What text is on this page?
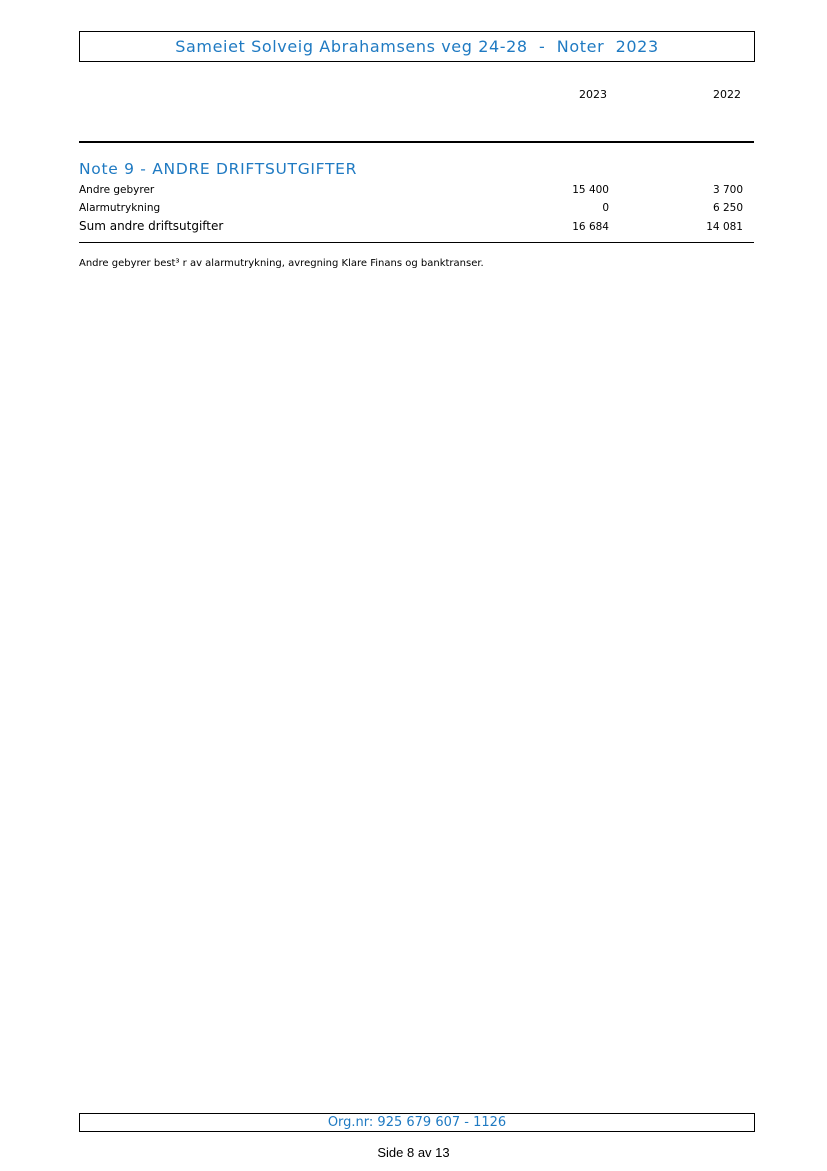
Sameiet Solveig Abrahamsens veg 24-28  -  Noter  2023
2023	2022
Note 9 - ANDRE DRIFTSUTGIFTER
Andre gebyrer	15 400	3 700
Alarmutrykning	0	6 250
Sum andre driftsutgifter	16 684	14 081
Andre gebyrer best³ r av alarmutrykning, avregning Klare Finans og banktranser.
Org.nr: 925 679 607 - 1126
Side 8 av 13
